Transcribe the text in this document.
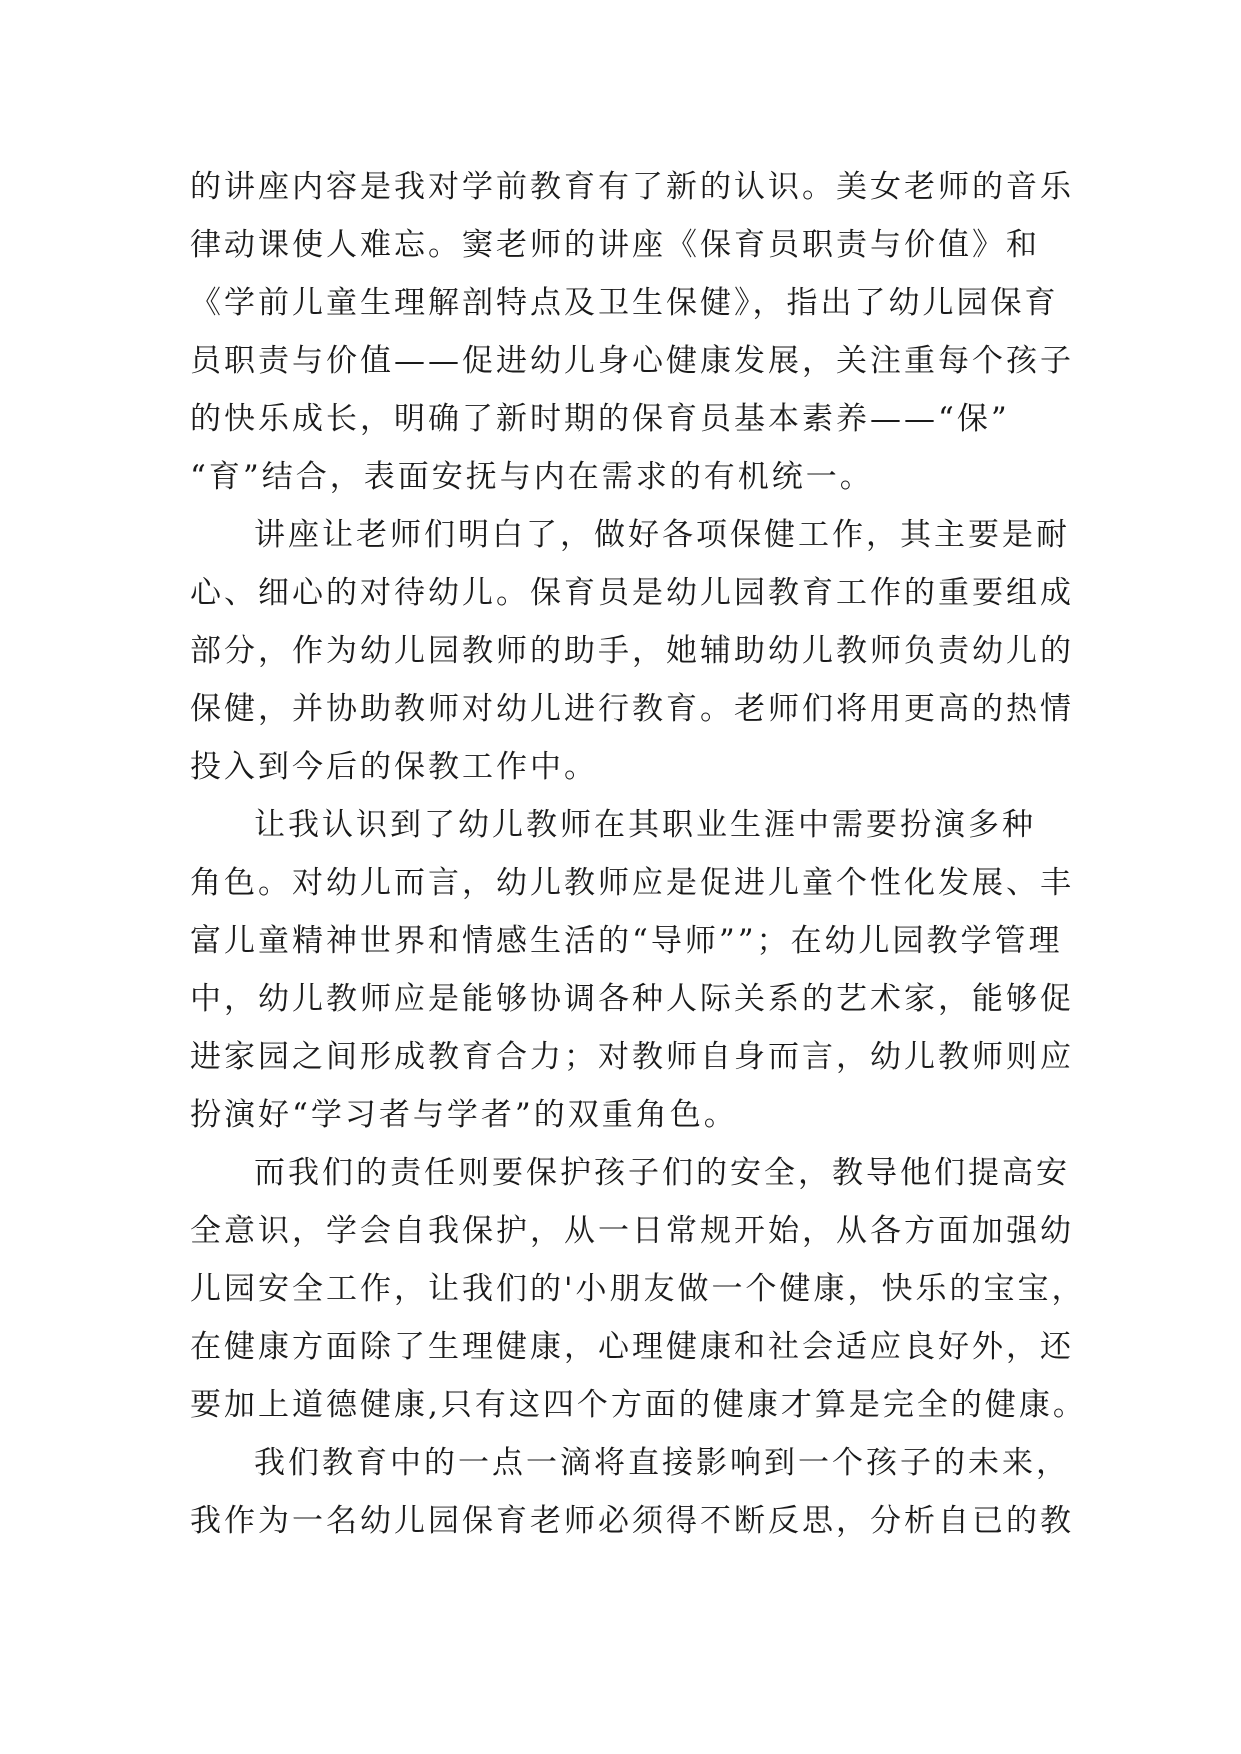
的讲座内容是我对学前教育有了新的认识。美女老师的音乐
律动课使人难忘。窦老师的讲座《保育员职责与价值》和
《学前儿童生理解剖特点及卫生保健》，指出了幼儿园保育
员职责与价值——促进幼儿身心健康发展，关注重每个孩子
的快乐成长，明确了新时期的保育员基本素养——“保”
“育”结合，表面安抚与内在需求的有机统一。
讲座让老师们明白了，做好各项保健工作，其主要是耐
心、细心的对待幼儿。保育员是幼儿园教育工作的重要组成
部分，作为幼儿园教师的助手，她辅助幼儿教师负责幼儿的
保健，并协助教师对幼儿进行教育。老师们将用更高的热情
投入到今后的保教工作中。
让我认识到了幼儿教师在其职业生涯中需要扮演多种
角色。对幼儿而言，幼儿教师应是促进儿童个性化发展、丰
富儿童精神世界和情感生活的“导师””；在幼儿园教学管理
中，幼儿教师应是能够协调各种人际关系的艺术家，能够促
进家园之间形成教育合力；对教师自身而言，幼儿教师则应
扮演好“学习者与学者”的双重角色。
而我们的责任则要保护孩子们的安全，教导他们提高安
全意识，学会自我保护，从一日常规开始，从各方面加强幼
儿园安全工作，让我们的'小朋友做一个健康，快乐的宝宝，
在健康方面除了生理健康，心理健康和社会适应良好外，还
要加上道德健康,只有这四个方面的健康才算是完全的健康。
我们教育中的一点一滴将直接影响到一个孩子的未来，
我作为一名幼儿园保育老师必须得不断反思，分析自已的教
